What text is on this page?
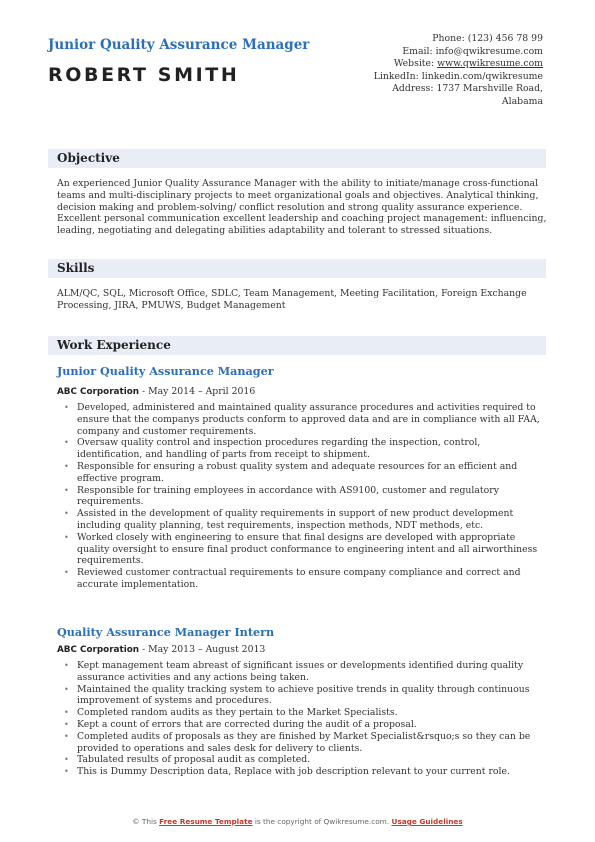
Junior Quality Assurance Manager
ROBERT SMITH
Phone: (123) 456 78 99
Email: info@qwikresume.com
Website: www.qwikresume.com
LinkedIn: linkedin.com/qwikresume
Address: 1737 Marshville Road,
Alabama
Objective
An experienced Junior Quality Assurance Manager with the ability to initiate/manage cross-functional teams and multi-disciplinary projects to meet organizational goals and objectives. Analytical thinking, decision making and problem-solving/ conflict resolution and strong quality assurance experience. Excellent personal communication excellent leadership and coaching project management: influencing, leading, negotiating and delegating abilities adaptability and tolerant to stressed situations.
Skills
ALM/QC, SQL, Microsoft Office, SDLC, Team Management, Meeting Facilitation, Foreign Exchange Processing, JIRA, PMUWS, Budget Management
Work Experience
Junior Quality Assurance Manager
ABC Corporation - May 2014 – April 2016
• Developed, administered and maintained quality assurance procedures and activities required to ensure that the companys products conform to approved data and are in compliance with all FAA, company and customer requirements.
• Oversaw quality control and inspection procedures regarding the inspection, control, identification, and handling of parts from receipt to shipment.
• Responsible for ensuring a robust quality system and adequate resources for an efficient and effective program.
• Responsible for training employees in accordance with AS9100, customer and regulatory requirements.
• Assisted in the development of quality requirements in support of new product development including quality planning, test requirements, inspection methods, NDT methods, etc.
• Worked closely with engineering to ensure that final designs are developed with appropriate quality oversight to ensure final product conformance to engineering intent and all airworthiness requirements.
• Reviewed customer contractual requirements to ensure company compliance and correct and accurate implementation.
Quality Assurance Manager Intern
ABC Corporation - May 2013 – August 2013
• Kept management team abreast of significant issues or developments identified during quality assurance activities and any actions being taken.
• Maintained the quality tracking system to achieve positive trends in quality through continuous improvement of systems and procedures.
• Completed random audits as they pertain to the Market Specialists.
• Kept a count of errors that are corrected during the audit of a proposal.
• Completed audits of proposals as they are finished by Market Specialist&rsquo;s so they can be provided to operations and sales desk for delivery to clients.
• Tabulated results of proposal audit as completed.
• This is Dummy Description data, Replace with job description relevant to your current role.
© This Free Resume Template is the copyright of Qwikresume.com. Usage Guidelines
